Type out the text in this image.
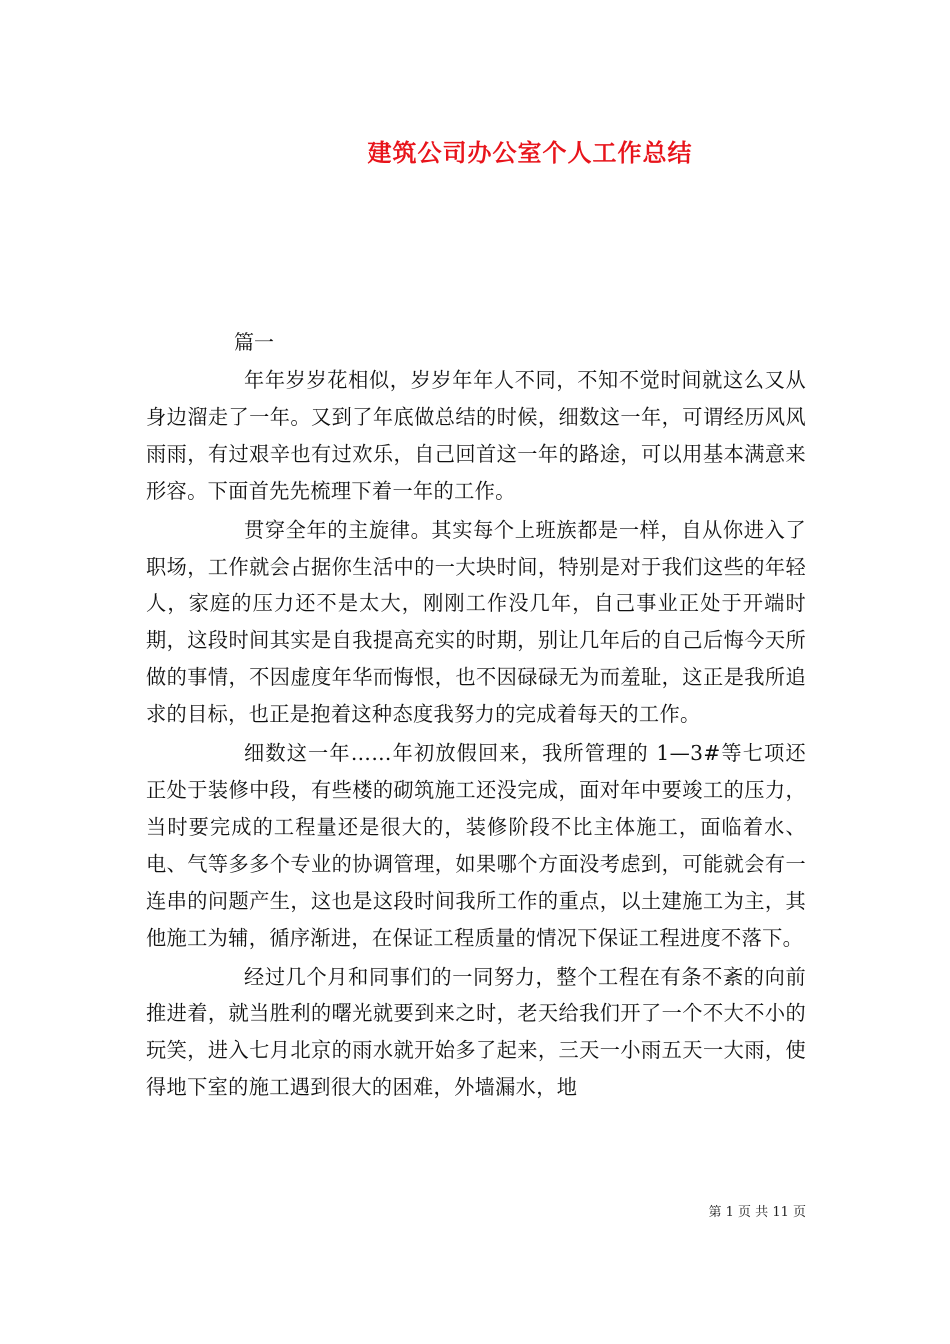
建筑公司办公室个人工作总结
篇一

年年岁岁花相似，岁岁年年人不同，不知不觉时间就这么又从身边溜走了一年。又到了年底做总结的时候，细数这一年，可谓经历风风雨雨，有过艰辛也有过欢乐，自己回首这一年的路途，可以用基本满意来形容。下面首先先梳理下着一年的工作。

贯穿全年的主旋律。其实每个上班族都是一样，自从你进入了职场，工作就会占据你生活中的一大块时间，特别是对于我们这些的年轻人，家庭的压力还不是太大，刚刚工作没几年，自己事业正处于开端时期，这段时间其实是自我提高充实的时期，别让几年后的自己后悔今天所做的事情，不因虚度年华而悔恨，也不因碌碌无为而羞耻，这正是我所追求的目标，也正是抱着这种态度我努力的完成着每天的工作。

细数这一年……年初放假回来，我所管理的 1—3#等七项还正处于装修中段，有些楼的砌筑施工还没完成，面对年中要竣工的压力，当时要完成的工程量还是很大的，装修阶段不比主体施工，面临着水、电、气等多多个专业的协调管理，如果哪个方面没考虑到，可能就会有一连串的问题产生，这也是这段时间我所工作的重点，以土建施工为主，其他施工为辅，循序渐进，在保证工程质量的情况下保证工程进度不落下。

经过几个月和同事们的一同努力，整个工程在有条不紊的向前推进着，就当胜利的曙光就要到来之时，老天给我们开了一个不大不小的玩笑，进入七月北京的雨水就开始多了起来，三天一小雨五天一大雨，使得地下室的施工遇到很大的困难，外墙漏水，地

第 1 页 共 11 页
